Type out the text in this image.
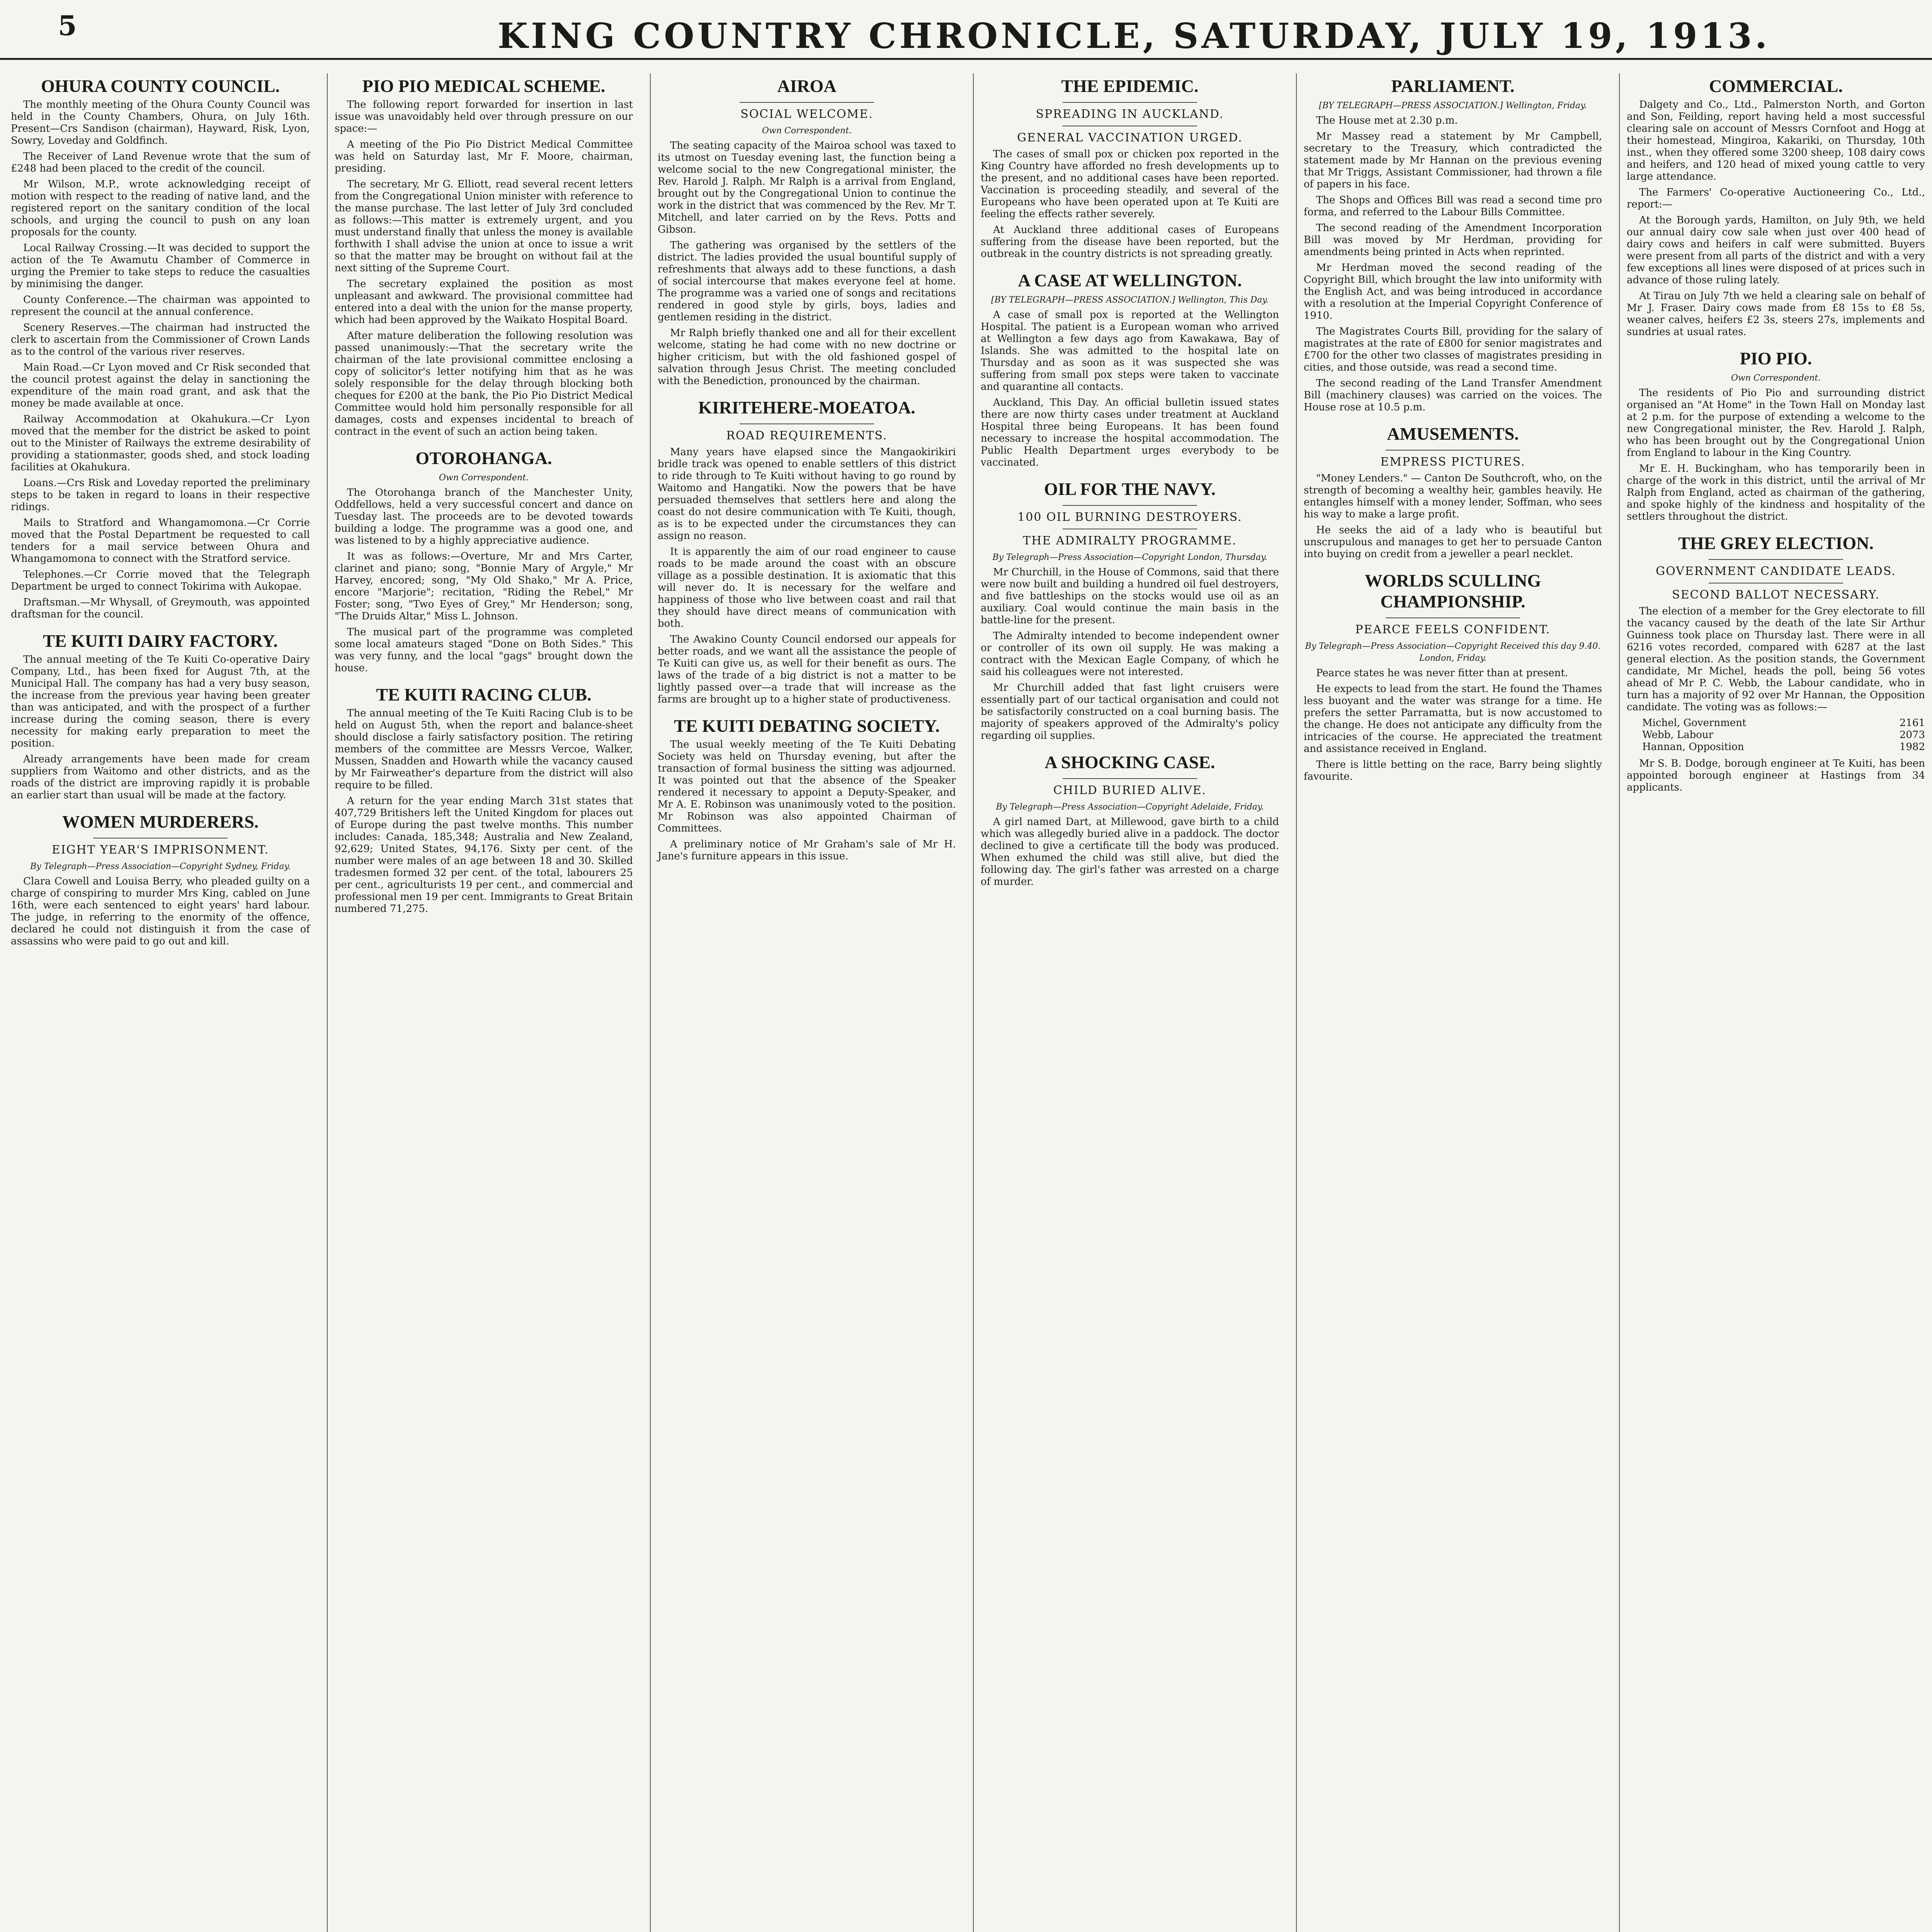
5	KING COUNTRY CHRONICLE, SATURDAY, JULY 19, 1913.
OHURA COUNTY COUNCIL.

The monthly meeting of the Ohura County Council was held in the County Chambers, Ohura, on July 16th. Present—Crs Sandison (chairman), Hayward, Risk, Lyon, Sowry, Loveday and Goldfinch.

The Receiver of Land Revenue wrote that the sum of £248 had been placed to the credit of the council.

Mr Wilson, M.P., wrote acknowledging receipt of motion with respect to the reading of native land, and the registered report on the sanitary condition of the local schools, and urging the council to push on any loan proposals for the county.

Local Railway Crossing.—It was decided to support the action of the Te Awamutu Chamber of Commerce in urging the Premier to take steps to reduce the casualties by minimising the danger.

County Conference.—The chairman was appointed to represent the council at the annual conference.

Scenery Reserves.—The chairman had instructed the clerk to ascertain from the Commissioner of Crown Lands as to the control of the various river reserves.

Main Road.—Cr Lyon moved and Cr Risk seconded that the council protest against the delay in sanctioning the expenditure of the main road grant, and ask that the money be made available at once.

Railway Accommodation at Okahukura.—Cr Lyon moved that the member for the district be asked to point out to the Minister of Railways the extreme desirability of providing a stationmaster, goods shed, and stock loading facilities at Okahukura.

Loans.—Crs Risk and Loveday reported the preliminary steps to be taken in regard to loans in their respective ridings.

Mails to Stratford and Whangamomona.—Cr Corrie moved that the Postal Department be requested to call tenders for a mail service between Ohura and Whangamomona to connect with the Stratford service.

Telephones.—Cr Corrie moved that the Telegraph Department be urged to connect Tokirima with Aukopae.

Draftsman.—Mr Whysall, of Greymouth, was appointed draftsman for the council.

TE KUITI DAIRY FACTORY.

The annual meeting of the Te Kuiti Co-operative Dairy Company, Ltd., has been fixed for August 7th, at the Municipal Hall. The company has had a very busy season, the increase from the previous year having been greater than was anticipated, and with the prospect of a further increase during the coming season, there is every necessity for making early preparation to meet the position.

Already arrangements have been made for cream suppliers from Waitomo and other districts, and as the roads of the district are improving rapidly it is probable an earlier start than usual will be made at the factory.

WOMEN MURDERERS.
EIGHT YEAR'S IMPRISONMENT.
By Telegraph—Press Association—Copyright Sydney, Friday.

Clara Cowell and Louisa Berry, who pleaded guilty on a charge of conspiring to murder Mrs King, cabled on June 16th, were each sentenced to eight years' hard labour. The judge, in referring to the enormity of the offence, declared he could not distinguish it from the case of assassins who were paid to go out and kill.

PIO PIO MEDICAL SCHEME.

The following report forwarded for insertion in last issue was unavoidably held over through pressure on our space:—

A meeting of the Pio Pio District Medical Committee was held on Saturday last, Mr F. Moore, chairman, presiding.

The secretary, Mr G. Elliott, read several recent letters from the Congregational Union minister with reference to the manse purchase. The last letter of July 3rd concluded as follows:—This matter is extremely urgent, and you must understand finally that unless the money is available forthwith I shall advise the union at once to issue a writ so that the matter may be brought on without fail at the next sitting of the Supreme Court.

The secretary explained the position as most unpleasant and awkward. The provisional committee had entered into a deal with the union for the manse property, which had been approved by the Waikato Hospital Board.

After mature deliberation the following resolution was passed unanimously:—That the secretary write the chairman of the late provisional committee enclosing a copy of solicitor's letter notifying him that as he was solely responsible for the delay through blocking both cheques for £200 at the bank, the Pio Pio District Medical Committee would hold him personally responsible for all damages, costs and expenses incidental to breach of contract in the event of such an action being taken.

OTOROHANGA.
Own Correspondent.

The Otorohanga branch of the Manchester Unity, Oddfellows, held a very successful concert and dance on Tuesday last. The proceeds are to be devoted towards building a lodge. The programme was a good one, and was listened to by a highly appreciative audience.

It was as follows:—Overture, Mr and Mrs Carter, clarinet and piano; song, "Bonnie Mary of Argyle," Mr Harvey, encored; song, "My Old Shako," Mr A. Price, encore "Marjorie"; recitation, "Riding the Rebel," Mr Foster; song, "Two Eyes of Grey," Mr Henderson; song, "The Druids Altar," Miss L. Johnson.

The musical part of the programme was completed some local amateurs staged "Done on Both Sides." This was very funny, and the local "gags" brought down the house.

TE KUITI RACING CLUB.

The annual meeting of the Te Kuiti Racing Club is to be held on August 5th, when the report and balance-sheet should disclose a fairly satisfactory position. The retiring members of the committee are Messrs Vercoe, Walker, Mussen, Snadden and Howarth while the vacancy caused by Mr Fairweather's departure from the district will also require to be filled.

A return for the year ending March 31st states that 407,729 Britishers left the United Kingdom for places out of Europe during the past twelve months. This number includes: Canada, 185,348; Australia and New Zealand, 92,629; United States, 94,176. Sixty per cent. of the number were males of an age between 18 and 30. Skilled tradesmen formed 32 per cent. of the total, labourers 25 per cent., agriculturists 19 per cent., and commercial and professional men 19 per cent. Immigrants to Great Britain numbered 71,275.

AIROA
SOCIAL WELCOME.
Own Correspondent.

The seating capacity of the Mairoa school was taxed to its utmost on Tuesday evening last, the function being a welcome social to the new Congregational minister, the Rev. Harold J. Ralph. Mr Ralph is a arrival from England, brought out by the Congregational Union to continue the work in the district that was commenced by the Rev. Mr T. Mitchell, and later carried on by the Revs. Potts and Gibson.

The gathering was organised by the settlers of the district. The ladies provided the usual bountiful supply of refreshments that always add to these functions, a dash of social intercourse that makes everyone feel at home. The programme was a varied one of songs and recitations rendered in good style by girls, boys, ladies and gentlemen residing in the district.

Mr Ralph briefly thanked one and all for their excellent welcome, stating he had come with no new doctrine or higher criticism, but with the old fashioned gospel of salvation through Jesus Christ. The meeting concluded with the Benediction, pronounced by the chairman.

KIRITEHERE-MOEATOA.
ROAD REQUIREMENTS.

Many years have elapsed since the Mangaokirikiri bridle track was opened to enable settlers of this district to ride through to Te Kuiti without having to go round by Waitomo and Hangatiki. Now the powers that be have persuaded themselves that settlers here and along the coast do not desire communication with Te Kuiti, though, as is to be expected under the circumstances they can assign no reason.

It is apparently the aim of our road engineer to cause roads to be made around the coast with an obscure village as a possible destination. It is axiomatic that this will never do. It is necessary for the welfare and happiness of those who live between coast and rail that they should have direct means of communication with both.

The Awakino County Council endorsed our appeals for better roads, and we want all the assistance the people of Te Kuiti can give us, as well for their benefit as ours. The laws of the trade of a big district is not a matter to be lightly passed over—a trade that will increase as the farms are brought up to a higher state of productiveness.

TE KUITI DEBATING SOCIETY.

The usual weekly meeting of the Te Kuiti Debating Society was held on Thursday evening, but after the transaction of formal business the sitting was adjourned. It was pointed out that the absence of the Speaker rendered it necessary to appoint a Deputy-Speaker, and Mr A. E. Robinson was unanimously voted to the position. Mr Robinson was also appointed Chairman of Committees.

A preliminary notice of Mr Graham's sale of Mr H. Jane's furniture appears in this issue.

THE EPIDEMIC.
SPREADING IN AUCKLAND.
GENERAL VACCINATION URGED.

The cases of small pox or chicken pox reported in the King Country have afforded no fresh developments up to the present, and no additional cases have been reported. Vaccination is proceeding steadily, and several of the Europeans who have been operated upon at Te Kuiti are feeling the effects rather severely.

At Auckland three additional cases of Europeans suffering from the disease have been reported, but the outbreak in the country districts is not spreading greatly.

A CASE AT WELLINGTON.
[BY TELEGRAPH—PRESS ASSOCIATION.] Wellington, This Day.

A case of small pox is reported at the Wellington Hospital. The patient is a European woman who arrived at Wellington a few days ago from Kawakawa, Bay of Islands. She was admitted to the hospital late on Thursday and as soon as it was suspected she was suffering from small pox steps were taken to vaccinate and quarantine all contacts.

Auckland, This Day. An official bulletin issued states there are now thirty cases under treatment at Auckland Hospital three being Europeans. It has been found necessary to increase the hospital accommodation. The Public Health Department urges everybody to be vaccinated.

OIL FOR THE NAVY.
100 OIL BURNING DESTROYERS.
THE ADMIRALTY PROGRAMME.
By Telegraph—Press Association—Copyright London, Thursday.

Mr Churchill, in the House of Commons, said that there were now built and building a hundred oil fuel destroyers, and five battleships on the stocks would use oil as an auxiliary. Coal would continue the main basis in the battle-line for the present.

The Admiralty intended to become independent owner or controller of its own oil supply. He was making a contract with the Mexican Eagle Company, of which he said his colleagues were not interested.

Mr Churchill added that fast light cruisers were essentially part of our tactical organisation and could not be satisfactorily constructed on a coal burning basis. The majority of speakers approved of the Admiralty's policy regarding oil supplies.

A SHOCKING CASE.
CHILD BURIED ALIVE.
By Telegraph—Press Association—Copyright Adelaide, Friday.

A girl named Dart, at Millewood, gave birth to a child which was allegedly buried alive in a paddock. The doctor declined to give a certificate till the body was produced. When exhumed the child was still alive, but died the following day. The girl's father was arrested on a charge of murder.

PARLIAMENT.
[BY TELEGRAPH—PRESS ASSOCIATION.] Wellington, Friday.

The House met at 2.30 p.m.

Mr Massey read a statement by Mr Campbell, secretary to the Treasury, which contradicted the statement made by Mr Hannan on the previous evening that Mr Triggs, Assistant Commissioner, had thrown a file of papers in his face.

The Shops and Offices Bill was read a second time pro forma, and referred to the Labour Bills Committee.

The second reading of the Amendment Incorporation Bill was moved by Mr Herdman, providing for amendments being printed in Acts when reprinted.

Mr Herdman moved the second reading of the Copyright Bill, which brought the law into uniformity with the English Act, and was being introduced in accordance with a resolution at the Imperial Copyright Conference of 1910.

The Magistrates Courts Bill, providing for the salary of magistrates at the rate of £800 for senior magistrates and £700 for the other two classes of magistrates presiding in cities, and those outside, was read a second time.

The second reading of the Land Transfer Amendment Bill (machinery clauses) was carried on the voices. The House rose at 10.5 p.m.

AMUSEMENTS.
EMPRESS PICTURES.

"Money Lenders." — Canton De Southcroft, who, on the strength of becoming a wealthy heir, gambles heavily. He entangles himself with a money lender, Soffman, who sees his way to make a large profit.

He seeks the aid of a lady who is beautiful but unscrupulous and manages to get her to persuade Canton into buying on credit from a jeweller a pearl necklet.

WORLDS SCULLING CHAMPIONSHIP.
PEARCE FEELS CONFIDENT.
By Telegraph—Press Association—Copyright Received this day 9.40. London, Friday.

Pearce states he was never fitter than at present.

He expects to lead from the start. He found the Thames less buoyant and the water was strange for a time. He prefers the setter Parramatta, but is now accustomed to the change. He does not anticipate any difficulty from the intricacies of the course. He appreciated the treatment and assistance received in England.

There is little betting on the race, Barry being slightly favourite.

COMMERCIAL.

Dalgety and Co., Ltd., Palmerston North, and Gorton and Son, Feilding, report having held a most successful clearing sale on account of Messrs Cornfoot and Hogg at their homestead, Mingiroa, Kakariki, on Thursday, 10th inst., when they offered some 3200 sheep, 108 dairy cows and heifers, and 120 head of mixed young cattle to very large attendance.

The Farmers' Co-operative Auctioneering Co., Ltd., report:—

At the Borough yards, Hamilton, on July 9th, we held our annual dairy cow sale when just over 400 head of dairy cows and heifers in calf were submitted. Buyers were present from all parts of the district and with a very few exceptions all lines were disposed of at prices such in advance of those ruling lately.

At Tirau on July 7th we held a clearing sale on behalf of Mr J. Fraser. Dairy cows made from £8 15s to £8 5s, weaner calves, heifers £2 3s, steers 27s, implements and sundries at usual rates.

PIO PIO.
Own Correspondent.

The residents of Pio Pio and surrounding district organised an "At Home" in the Town Hall on Monday last at 2 p.m. for the purpose of extending a welcome to the new Congregational minister, the Rev. Harold J. Ralph, who has been brought out by the Congregational Union from England to labour in the King Country.

Mr E. H. Buckingham, who has temporarily been in charge of the work in this district, until the arrival of Mr Ralph from England, acted as chairman of the gathering, and spoke highly of the kindness and hospitality of the settlers throughout the district.

THE GREY ELECTION.
GOVERNMENT CANDIDATE LEADS.
SECOND BALLOT NECESSARY.

The election of a member for the Grey electorate to fill the vacancy caused by the death of the late Sir Arthur Guinness took place on Thursday last. There were in all 6216 votes recorded, compared with 6287 at the last general election. As the position stands, the Government candidate, Mr Michel, heads the poll, being 56 votes ahead of Mr P. C. Webb, the Labour candidate, who in turn has a majority of 92 over Mr Hannan, the Opposition candidate. The voting was as follows:—

Michel, Government	2161
Webb, Labour	2073
Hannan, Opposition	1982

Mr S. B. Dodge, borough engineer at Te Kuiti, has been appointed borough engineer at Hastings from 34 applicants.
